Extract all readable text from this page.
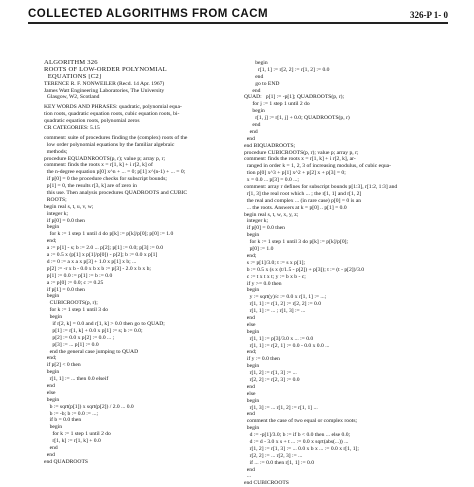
COLLECTED ALGORITHMS FROM CACM	326-P 1- 0
ALGORITHM 326
ROOTS OF LOW-ORDER POLYNOMIAL
EQUATIONS [C2]
TERENCE R. F. NONWEILER (Recd. 14 Apr. 1967)
James Watt Engineering Laboratories, The University
Glasgow, W2, Scotland
KEY WORDS AND PHRASES: quadratic, polynomial equa-
tion roots, quadratic equation roots, cubic equation roots, bi-
quadratic equation roots, polynomial zeros
CR CATEGORIES: 5.15
comment: suite of procedures finding the (complex) roots of the
low order polynomial equations by the familiar algebraic
methods;
procedure EQUADNROOTS(p, r); value p; array p, r;
comment: finds the roots x = r[1, k] + i r[2, k] of
the n-degree equation p[0] x^n + ... = 0; p[1] x^(n-1) + ... = 0;
if p[0] = 0 the procedure checks for subscript bounds;
p[1] = 0, the results r[3, k] are of zero in
this use. Then analysis procedures QUADROOTS and CUBIC
ROOTS;
begin real s, t, u, v, w;
integer k;
if p[0] = 0.0 then
begin
for k := 1 step 1 until 4 do p[k] := p[k]/p[0]; p[0] := 1.0
end;
a := p[1] - s; b := 2.0 ... p[2]; p[1] := 0.0; p[3] := 0.0
a := 0.5 x (p[1] x p[1]/p[0]) - p[2]; b := 0.0 x p[1]
d := 0 := a x a x p[3] + 1.0 x p[1] x b; ...
p[2] := -r x b - 0.0 x b x b := p[3] - 2.0 x b x b;
p[1] := 0.0 := p[1] := b := 0.0
a := p[0] := 0.0; c := 0.25
if p[1] = 0.0 then
begin
CUBICROOTS(p, r);
for k := 1 step 1 until 3 do
begin
if r[2, k] = 0.0 and r[1, k] > 0.0 then go to QUAD;
p[1] := r[1, k] + 0.0 x p[1] := s; b := 0.0;
p[2] := 0.0 x p[2] := 0.0 ... ;
p[3] := ... p[1] := 0.0
end the general case jumping to QUAD
end;
if p[2] < 0 then
begin
r[1, 1] := ... then 0.0 elseif
end
else
begin
b := sqrt(p[1]) x sqrt(p[2]) / 2.0 ... 0.0
b := -b; b := 0.0 := ...;
if b = 0.0 then
begin
for k := 1 step 1 until 2 do
r[1, k] := r[1, k] + 0.0
end
end
end QUADROOTS
begin
r[1, 1] := r[2, 2] := r[1, 2] := 0.0
end
go to END
end
QUAD:   p[1] := -p[1]; QUADROOTS(p, r);
for j := 1 step 1 until 2 do
begin
r[1, j] := r[1, j] + 0.0; QUADROOTS(p, r)
end
end
end
end BIQUADROOTS;
procedure CUBICROOTS(p, r); value p; array p, r;
comment: finds the roots x = r[1, k] + i r[2, k], ar-
ranged in order k = 1, 2, 3 of increasing modulus, of cubic equa-
tion p[0] x^3 + p[1] x^2 + p[2] x + p[3] = 0;
x = 0.0 ... p[3] = 0.0 ...;
comment: array r defines for subscript bounds p[1:3], r[1:2, 1:3] and
r[1, 3] the real root which ... ; the r[1, 1] and r[1, 2]
the real and complex ... (in rare case) p[0] = 0 is an
... the roots. Answers at k = p[0] .. p[1] = 0.0
begin real s, t, w, x, y, z;
integer k;
if p[0] = 0.0 then
begin
for k := 1 step 1 until 3 do p[k] := p[k]/p[0];
p[0] := 1.0
end;
s := p[1]/3.0; t := s x p[1];
b := 0.5 x (s x (t/1.5 - p[2]) + p[3]); t := (t - p[2])/3.0
c := t x t x t; y := b x b - c;
if y >= 0.0 then
begin
y := sqrt(y)/c := 0.0 x r[1, 1] := ...;
r[1, 1] := r[1, 2] := r[2, 2] := 0.0
r[1, 1] := ... ; r[1, 3] := ...
end
else
begin
r[1, 1] := p[3]/3.0 x ... := 0.0
r[1, 1] := r[2, 1] := 0.0 - 0.0 x 0.0 ...
end;
if y := 0.0 then
begin
r[1, 2] := r[1, 3] := ...
r[2, 2] := r[2, 3] := 0.0
end
else
begin
r[1, 3] := ... r[1, 2] := r[1, 1] ...
end
comment the case of two equal or complex roots;
begin
d := -p[1]/3.0; b := if b < 0.0 then ... else 0.0;
d := d - 3.0 x s + t ... := 0.0 x sqrt(abs(...)) ...
r[1, 2] := r[1, 3] := ... 0.0 x b x ... := 0.0 x r[1, 1];
r[2, 2] := ... r[2, 3] := ...
if ... := 0.0 then r[1, 1] := 0.0
end
...
end CUBICROOTS
